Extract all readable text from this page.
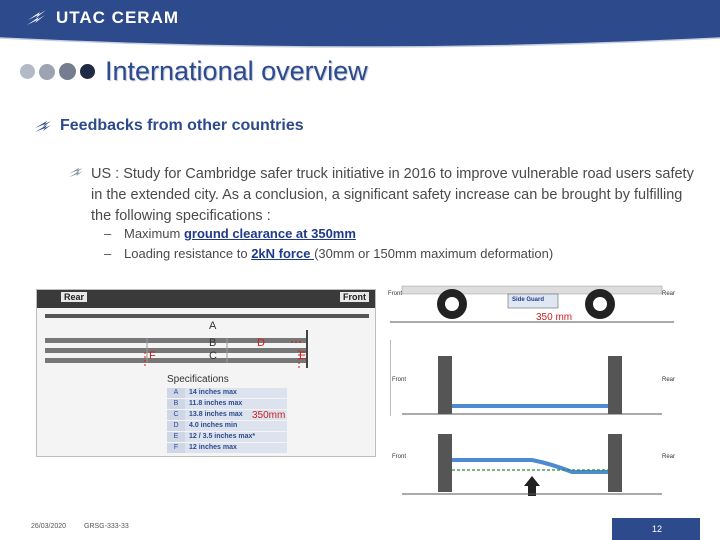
UTAC CERAM
International overview
Feedbacks from other countries
US : Study for Cambridge safer truck initiative in 2016 to improve vulnerable road users safety in the extended city. As a conclusion, a significant safety increase can be brought by fulfilling the following specifications :
– Maximum ground clearance at 350mm
– Loading resistance to 2kN force (30mm or 150mm maximum deformation)
Rear	Front
A
B
C
D
E
F
Specifications
A	14 inches max
B	11.8 inches max
C	13.8 inches max
D	4.0 inches min
E	12 / 3.5 inches max*
F	12 inches max
350mm
Front	Rear
Side Guard
Front	Rear
Front	Rear
350 mm
26/03/2020	GRSG-333-33	12
